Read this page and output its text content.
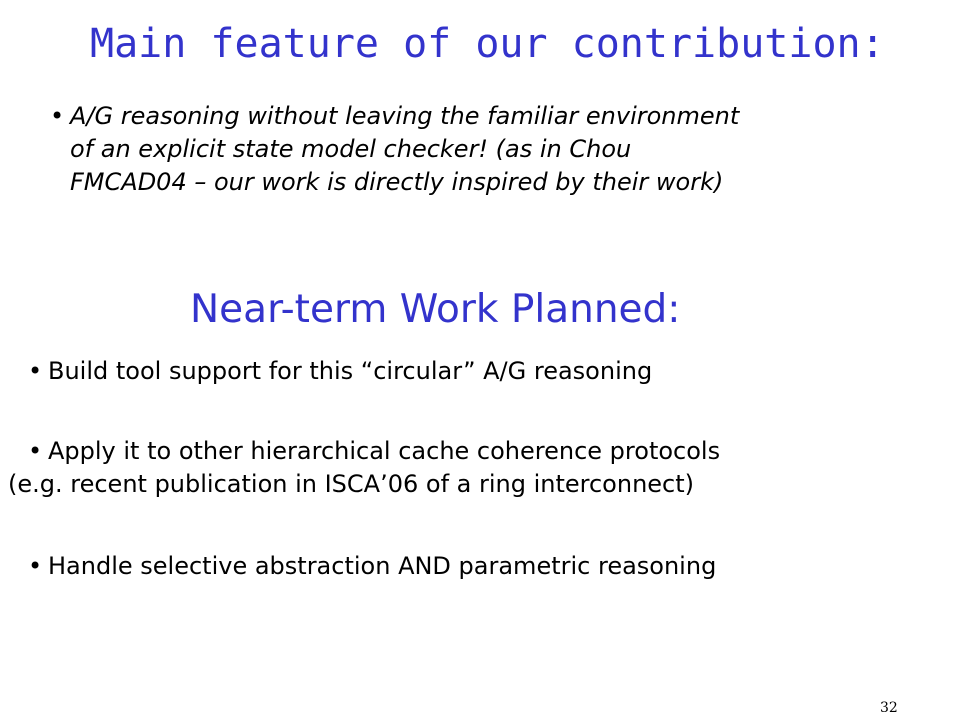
Main feature of our contribution:
• A/G reasoning without leaving the familiar environment
of an explicit state model checker! (as in Chou
FMCAD04 – our work is directly inspired by their work)
Near-term Work Planned:
• Build tool support for this “circular” A/G reasoning
• Apply it to other hierarchical cache coherence protocols
(e.g. recent publication in ISCA’06 of a ring interconnect)
• Handle selective abstraction AND parametric reasoning
32
